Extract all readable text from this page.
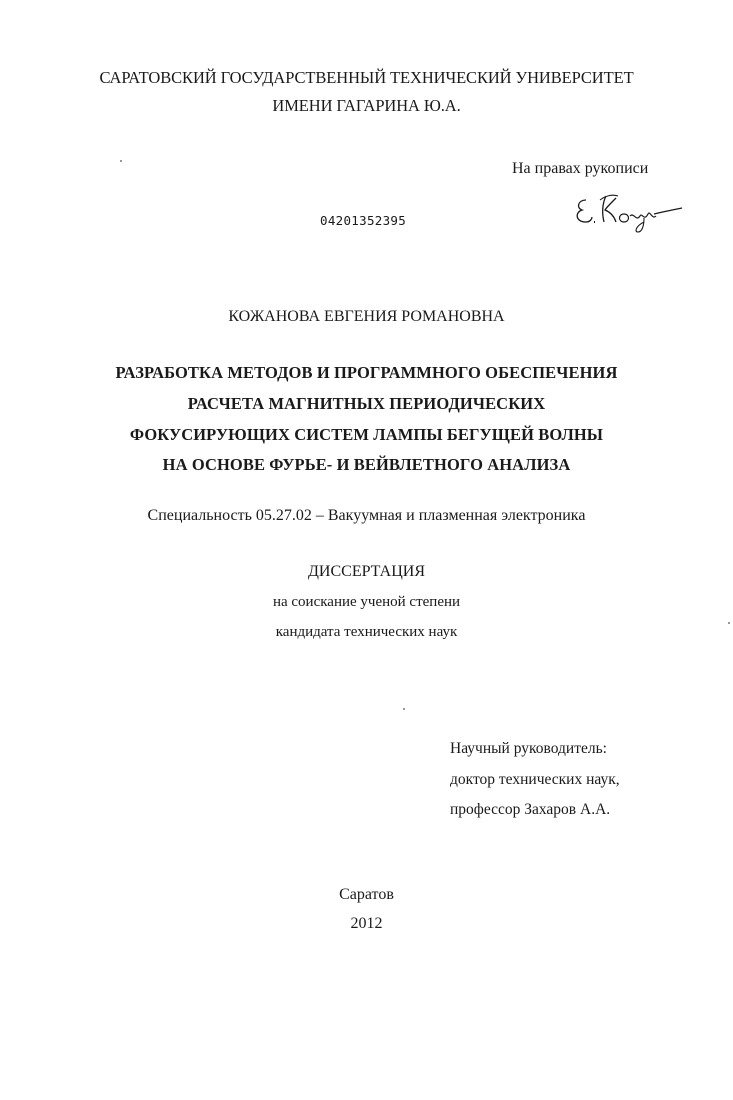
САРАТОВСКИЙ ГОСУДАРСТВЕННЫЙ ТЕХНИЧЕСКИЙ УНИВЕРСИТЕТ
ИМЕНИ ГАГАРИНА Ю.А.
На правах рукописи
04201352395
КОЖАНОВА ЕВГЕНИЯ РОМАНОВНА
РАЗРАБОТКА МЕТОДОВ И ПРОГРАММНОГО ОБЕСПЕЧЕНИЯ
РАСЧЕТА МАГНИТНЫХ ПЕРИОДИЧЕСКИХ
ФОКУСИРУЮЩИХ СИСТЕМ ЛАМПЫ БЕГУЩЕЙ ВОЛНЫ
НА ОСНОВЕ ФУРЬЕ- И ВЕЙВЛЕТНОГО АНАЛИЗА
Специальность 05.27.02 – Вакуумная и плазменная электроника
ДИССЕРТАЦИЯ
на соискание ученой степени
кандидата технических наук
Научный руководитель:
доктор технических наук,
профессор Захаров А.А.
Саратов
2012
